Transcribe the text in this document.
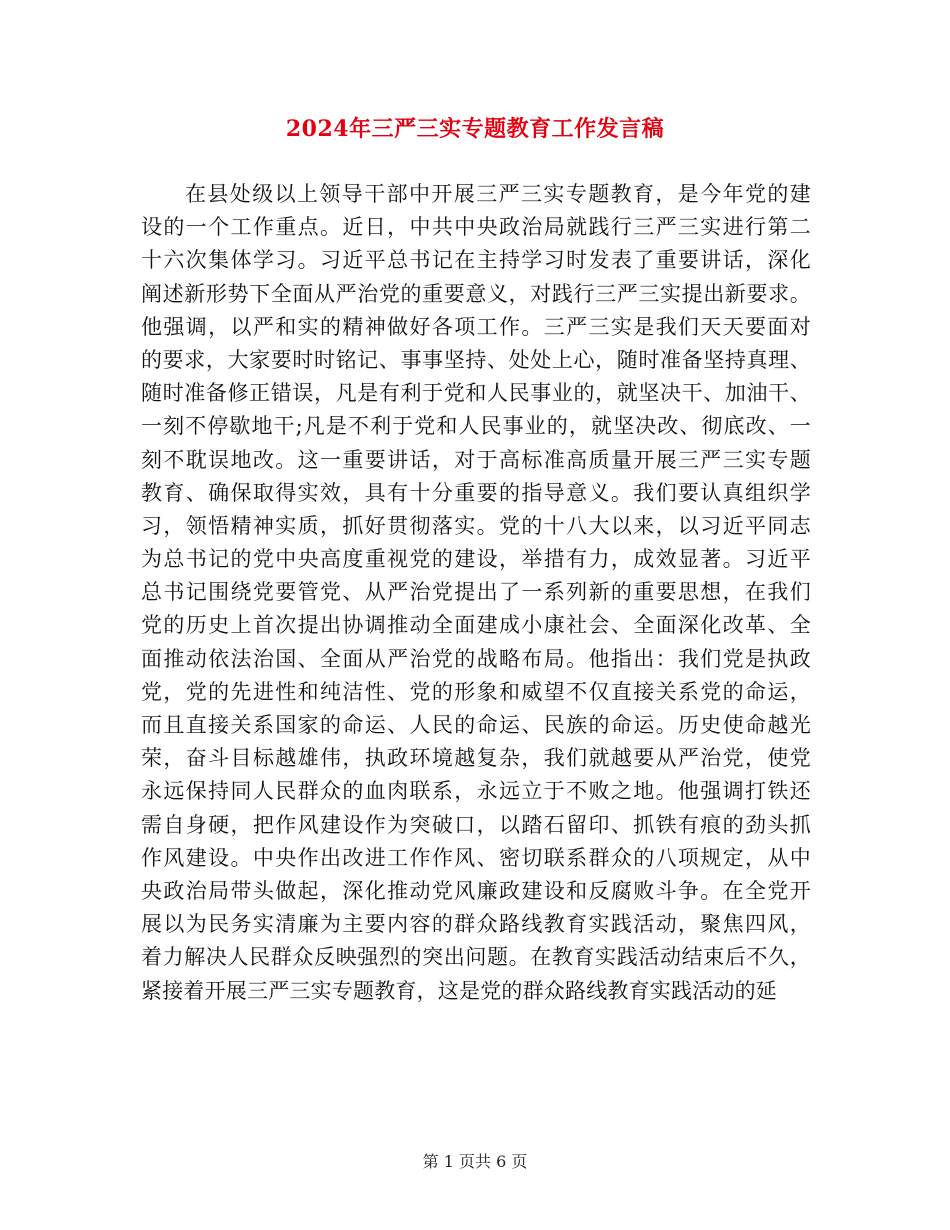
2024年三严三实专题教育工作发言稿
在县处级以上领导干部中开展三严三实专题教育，是今年党的建
设的一个工作重点。近日，中共中央政治局就践行三严三实进行第二
十六次集体学习。习近平总书记在主持学习时发表了重要讲话，深化
阐述新形势下全面从严治党的重要意义，对践行三严三实提出新要求。
他强调，以严和实的精神做好各项工作。三严三实是我们天天要面对
的要求，大家要时时铭记、事事坚持、处处上心，随时准备坚持真理、
随时准备修正错误，凡是有利于党和人民事业的，就坚决干、加油干、
一刻不停歇地干;凡是不利于党和人民事业的，就坚决改、彻底改、一
刻不耽误地改。这一重要讲话，对于高标准高质量开展三严三实专题
教育、确保取得实效，具有十分重要的指导意义。我们要认真组织学
习，领悟精神实质，抓好贯彻落实。党的十八大以来，以习近平同志
为总书记的党中央高度重视党的建设，举措有力，成效显著。习近平
总书记围绕党要管党、从严治党提出了一系列新的重要思想，在我们
党的历史上首次提出协调推动全面建成小康社会、全面深化改革、全
面推动依法治国、全面从严治党的战略布局。他指出：我们党是执政
党，党的先进性和纯洁性、党的形象和威望不仅直接关系党的命运，
而且直接关系国家的命运、人民的命运、民族的命运。历史使命越光
荣，奋斗目标越雄伟，执政环境越复杂，我们就越要从严治党，使党
永远保持同人民群众的血肉联系，永远立于不败之地。他强调打铁还
需自身硬，把作风建设作为突破口，以踏石留印、抓铁有痕的劲头抓
作风建设。中央作出改进工作作风、密切联系群众的八项规定，从中
央政治局带头做起，深化推动党风廉政建设和反腐败斗争。在全党开
展以为民务实清廉为主要内容的群众路线教育实践活动，聚焦四风，
着力解决人民群众反映强烈的突出问题。在教育实践活动结束后不久，
紧接着开展三严三实专题教育，这是党的群众路线教育实践活动的延
第 1 页共 6 页
